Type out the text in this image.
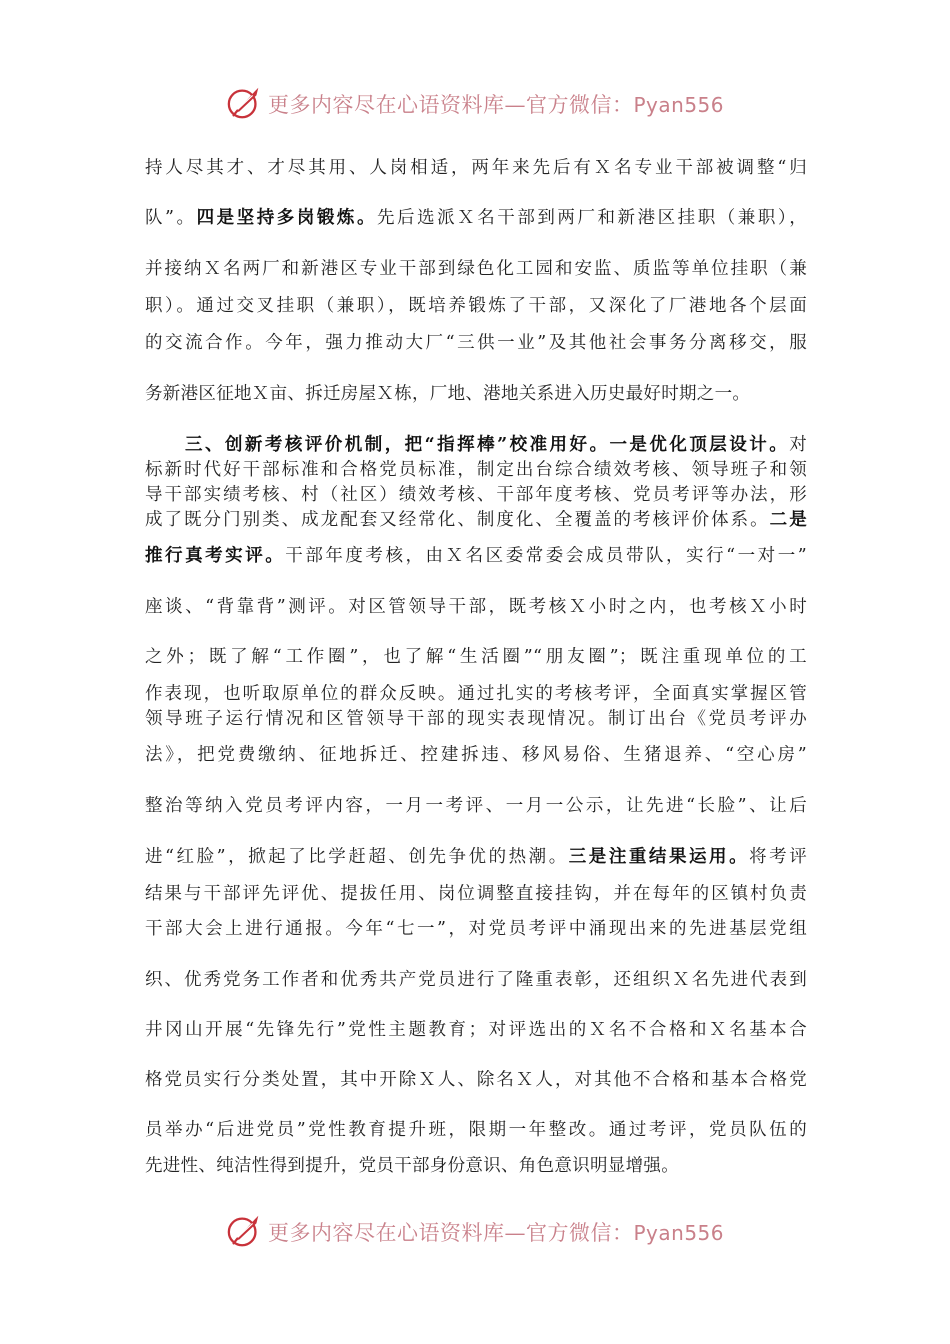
更多内容尽在心语资料库—官方微信：Pyan556
持人尽其才、才尽其用、人岗相适，两年来先后有Ｘ名专业干部被调整“归
队”。四是坚持多岗锻炼。先后选派Ｘ名干部到两厂和新港区挂职（兼职），
并接纳Ｘ名两厂和新港区专业干部到绿色化工园和安监、质监等单位挂职（兼
职）。通过交叉挂职（兼职），既培养锻炼了干部，又深化了厂港地各个层面
的交流合作。今年，强力推动大厂“三供一业”及其他社会事务分离移交，服
务新港区征地Ｘ亩、拆迁房屋Ｘ栋，厂地、港地关系进入历史最好时期之一。
三、创新考核评价机制，把“指挥棒”校准用好。一是优化顶层设计。对
标新时代好干部标准和合格党员标准，制定出台综合绩效考核、领导班子和领
导干部实绩考核、村（社区）绩效考核、干部年度考核、党员考评等办法，形
成了既分门别类、成龙配套又经常化、制度化、全覆盖的考核评价体系。二是
推行真考实评。干部年度考核，由Ｘ名区委常委会成员带队，实行“一对一”
座谈、“背靠背”测评。对区管领导干部，既考核Ｘ小时之内，也考核Ｘ小时
之外；既了解“工作圈”，也了解“生活圈”“朋友圈”；既注重现单位的工
作表现，也听取原单位的群众反映。通过扎实的考核考评，全面真实掌握区管
领导班子运行情况和区管领导干部的现实表现情况。制订出台《党员考评办
法》，把党费缴纳、征地拆迁、控建拆违、移风易俗、生猪退养、“空心房”
整治等纳入党员考评内容，一月一考评、一月一公示，让先进“长脸”、让后
进“红脸”，掀起了比学赶超、创先争优的热潮。三是注重结果运用。将考评
结果与干部评先评优、提拔任用、岗位调整直接挂钩，并在每年的区镇村负责
干部大会上进行通报。今年“七一”，对党员考评中涌现出来的先进基层党组
织、优秀党务工作者和优秀共产党员进行了隆重表彰，还组织Ｘ名先进代表到
井冈山开展“先锋先行”党性主题教育；对评选出的Ｘ名不合格和Ｘ名基本合
格党员实行分类处置，其中开除Ｘ人、除名Ｘ人，对其他不合格和基本合格党
员举办“后进党员”党性教育提升班，限期一年整改。通过考评，党员队伍的
先进性、纯洁性得到提升，党员干部身份意识、角色意识明显增强。
更多内容尽在心语资料库—官方微信：Pyan556
